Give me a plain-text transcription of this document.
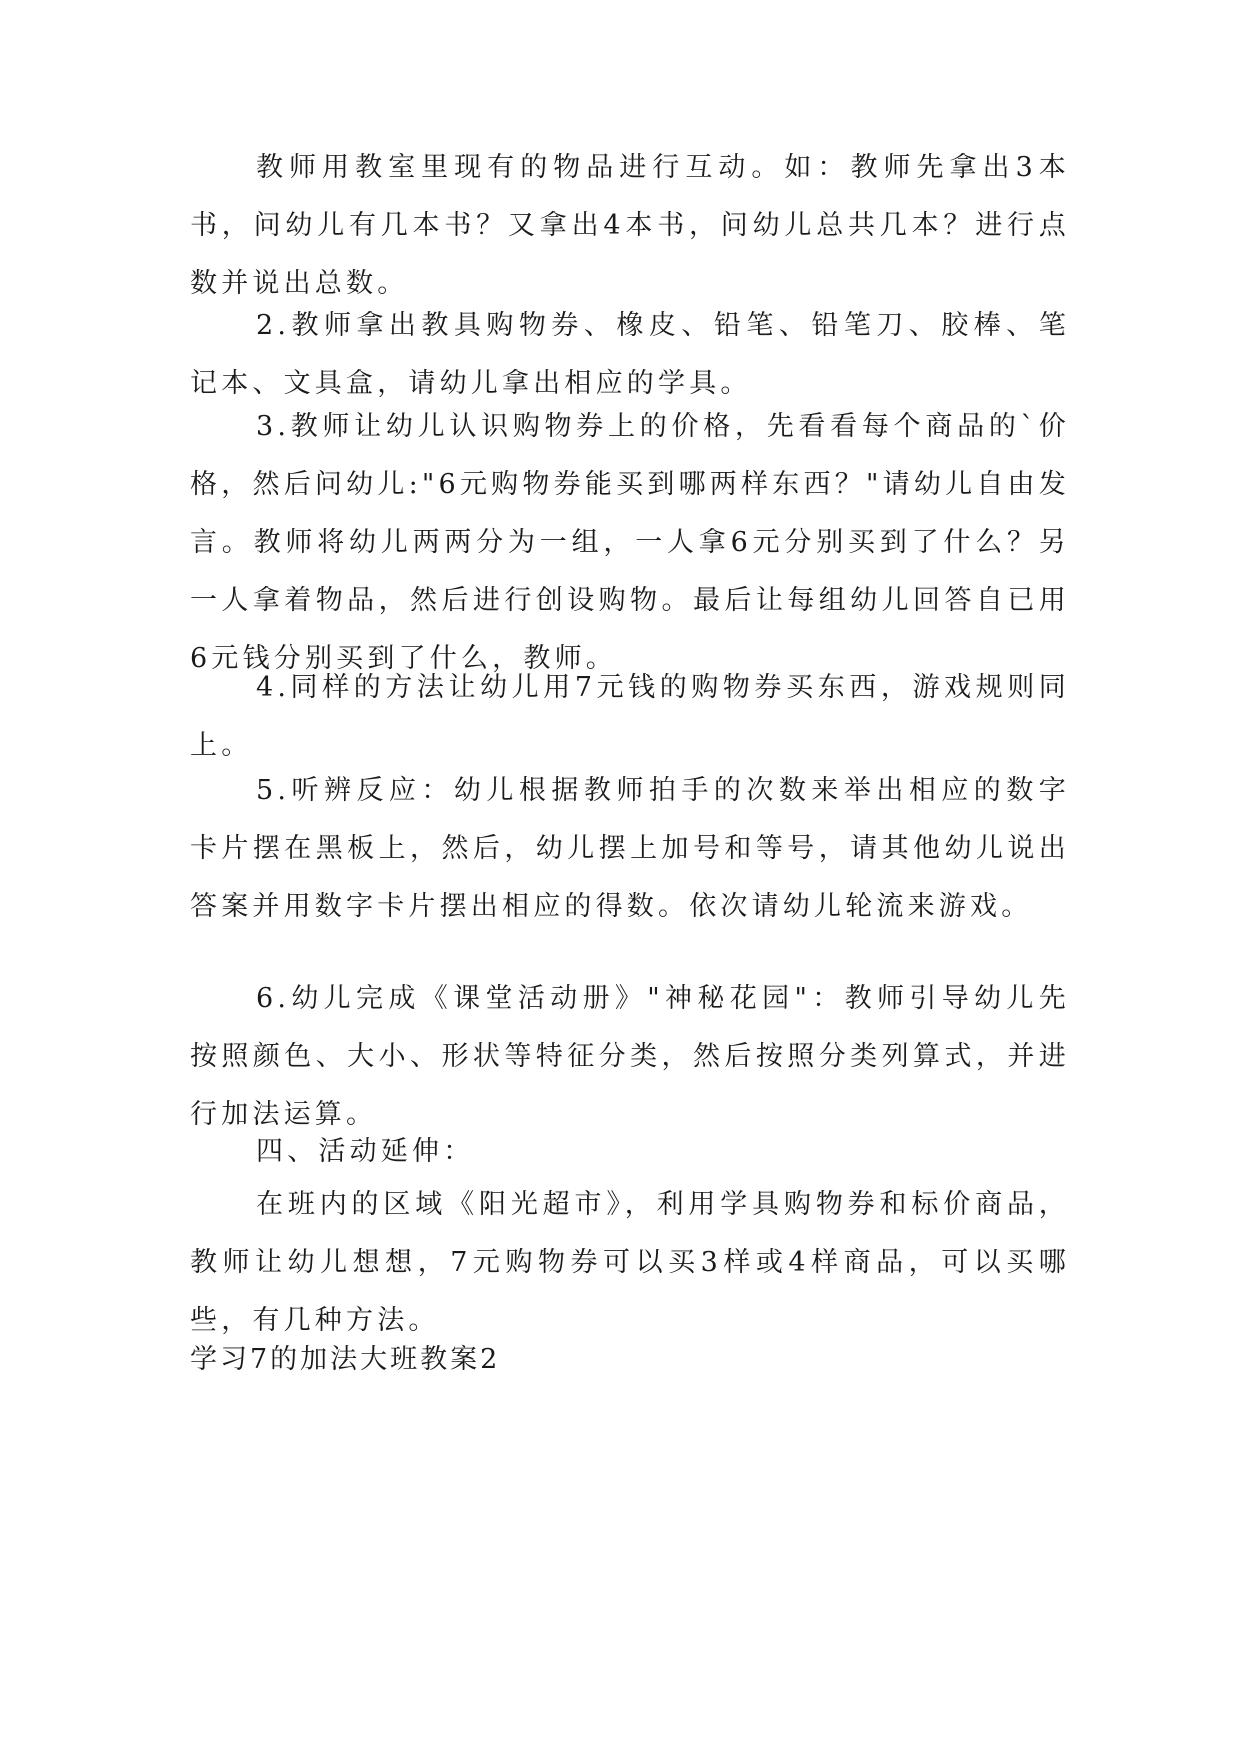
教师用教室里现有的物品进行互动。如：教师先拿出3本书，问幼儿有几本书？又拿出4本书，问幼儿总共几本？进行点数并说出总数。

2.教师拿出教具购物券、橡皮、铅笔、铅笔刀、胶棒、笔记本、文具盒，请幼儿拿出相应的学具。

3.教师让幼儿认识购物券上的价格，先看看每个商品的`价格，然后问幼儿:"6元购物券能买到哪两样东西？"请幼儿自由发言。教师将幼儿两两分为一组，一人拿6元分别买到了什么？另一人拿着物品，然后进行创设购物。最后让每组幼儿回答自已用6元钱分别买到了什么，教师。

4.同样的方法让幼儿用7元钱的购物券买东西，游戏规则同上。

5.听辨反应：幼儿根据教师拍手的次数来举出相应的数字卡片摆在黑板上，然后，幼儿摆上加号和等号，请其他幼儿说出答案并用数字卡片摆出相应的得数。依次请幼儿轮流来游戏。

6.幼儿完成《课堂活动册》"神秘花园"：教师引导幼儿先按照颜色、大小、形状等特征分类，然后按照分类列算式，并进行加法运算。

四、活动延伸：

在班内的区域《阳光超市》，利用学具购物券和标价商品，教师让幼儿想想，7元购物券可以买3样或4样商品，可以买哪些，有几种方法。

学习7的加法大班教案2
